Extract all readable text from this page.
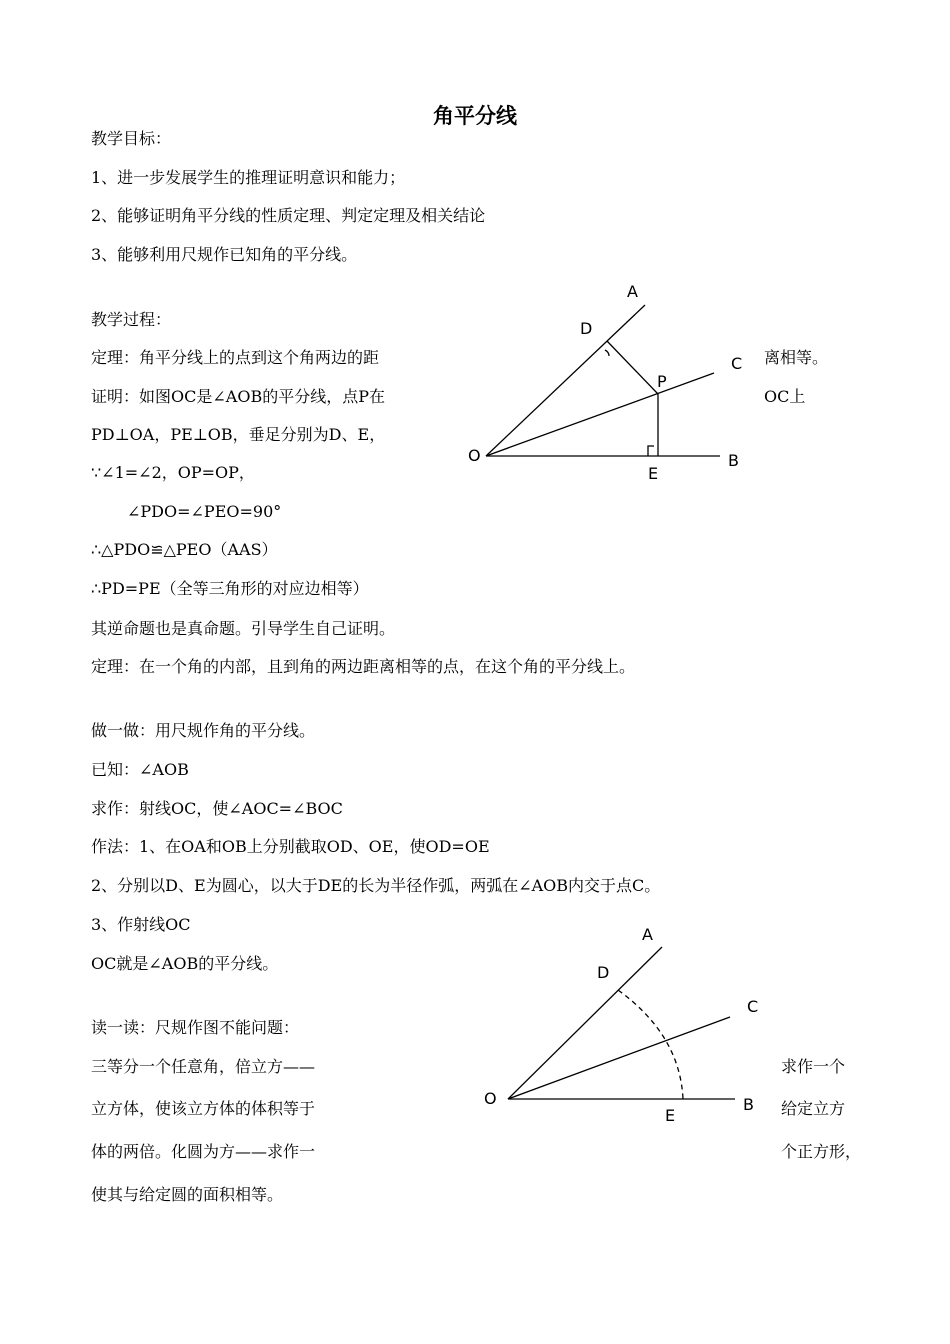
角平分线
教学目标：
1、进一步发展学生的推理证明意识和能力；
2、能够证明角平分线的性质定理、判定定理及相关结论
3、能够利用尺规作已知角的平分线。
教学过程：
定理：角平分线上的点到这个角两边的距	离相等。
证明：如图OC是∠AOB的平分线，点P在	OC上
PD⊥OA，PE⊥OB，垂足分别为D、E，
∵∠1=∠2，OP=OP，
∠PDO=∠PEO=90°
∴△PDO≌△PEO（AAS）
∴PD=PE（全等三角形的对应边相等）
其逆命题也是真命题。引导学生自己证明。
定理：在一个角的内部，且到角的两边距离相等的点，在这个角的平分线上。
做一做：用尺规作角的平分线。
已知：∠AOB
求作：射线OC，使∠AOC=∠BOC
作法：1、在OA和OB上分别截取OD、OE，使OD=OE
2、分别以D、E为圆心，以大于DE的长为半径作弧，两弧在∠AOB内交于点C。
3、作射线OC
OC就是∠AOB的平分线。
读一读：尺规作图不能问题：
三等分一个任意角，倍立方——	求作一个
立方体，使该立方体的体积等于	给定立方
体的两倍。化圆为方——求作一	个正方形，
使其与给定圆的面积相等。
A
D
C
P
O
E
B
A
D
C
O
E
B
